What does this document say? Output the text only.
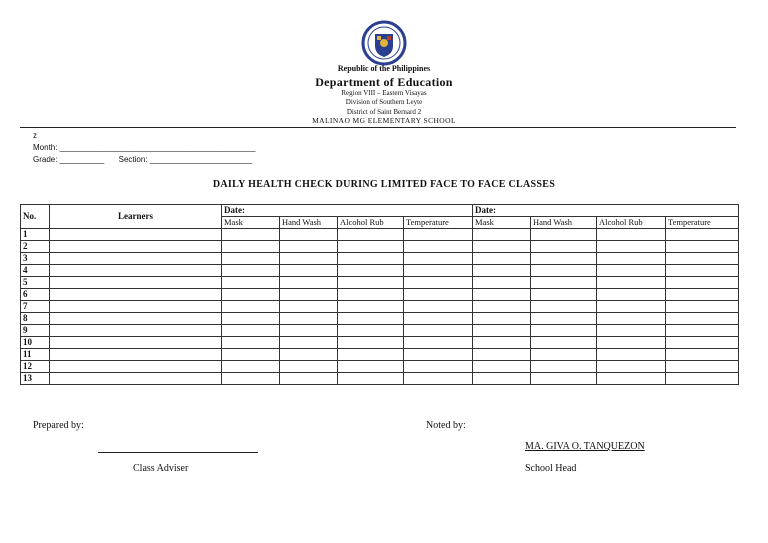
Republic of the Philippines
Department of Education
Region VIII – Eastern Visayas
Division of Southern Leyte
District of Saint Bernard 2
MALINAO MG ELEMENTARY SCHOOL
z
Month: ____________________________________________
Grade: __________ Section: _______________________
DAILY HEALTH CHECK DURING LIMITED FACE TO FACE CLASSES
No.	Learners	Date:				Date:			
		Mask	Hand Wash	Alcohol Rub	Temperature	Mask	Hand Wash	Alcohol Rub	Temperature
1									
2									
3									
4									
5									
6									
7									
8									
9									
10									
11									
12									
13									
Prepared by:	Noted by:
MA. GIVA O. TANQUEZON
Class Adviser	School Head
